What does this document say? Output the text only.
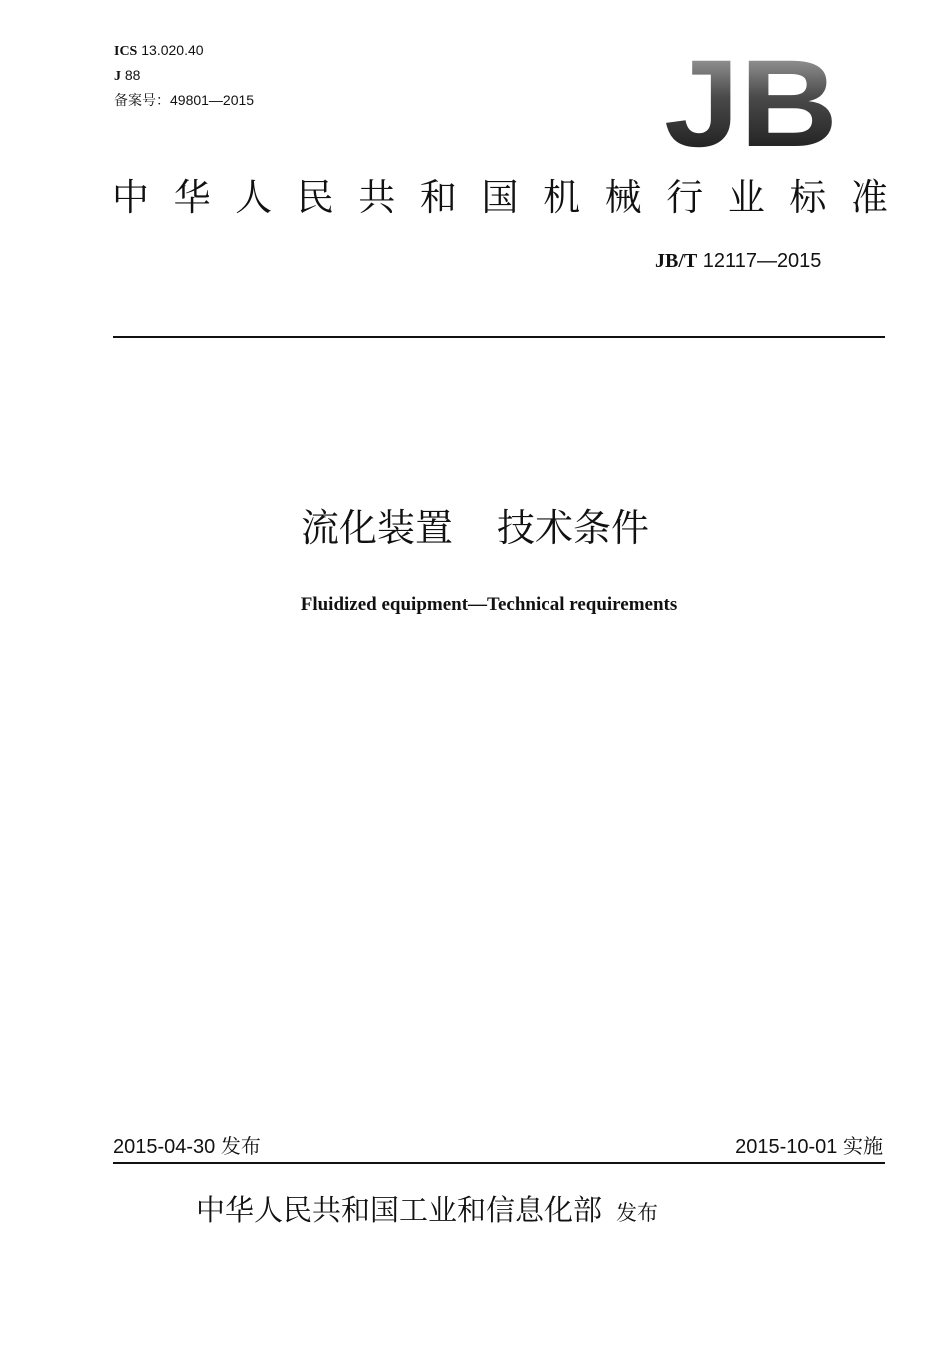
ICS 13.020.40
J 88
备案号：49801—2015	JB
中华人民共和国机械行业标准
JB/T 12117—2015
流化装置 技术条件
Fluidized equipment—Technical requirements
2015-04-30 发布	2015-10-01 实施
中华人民共和国工业和信息化部 发布
